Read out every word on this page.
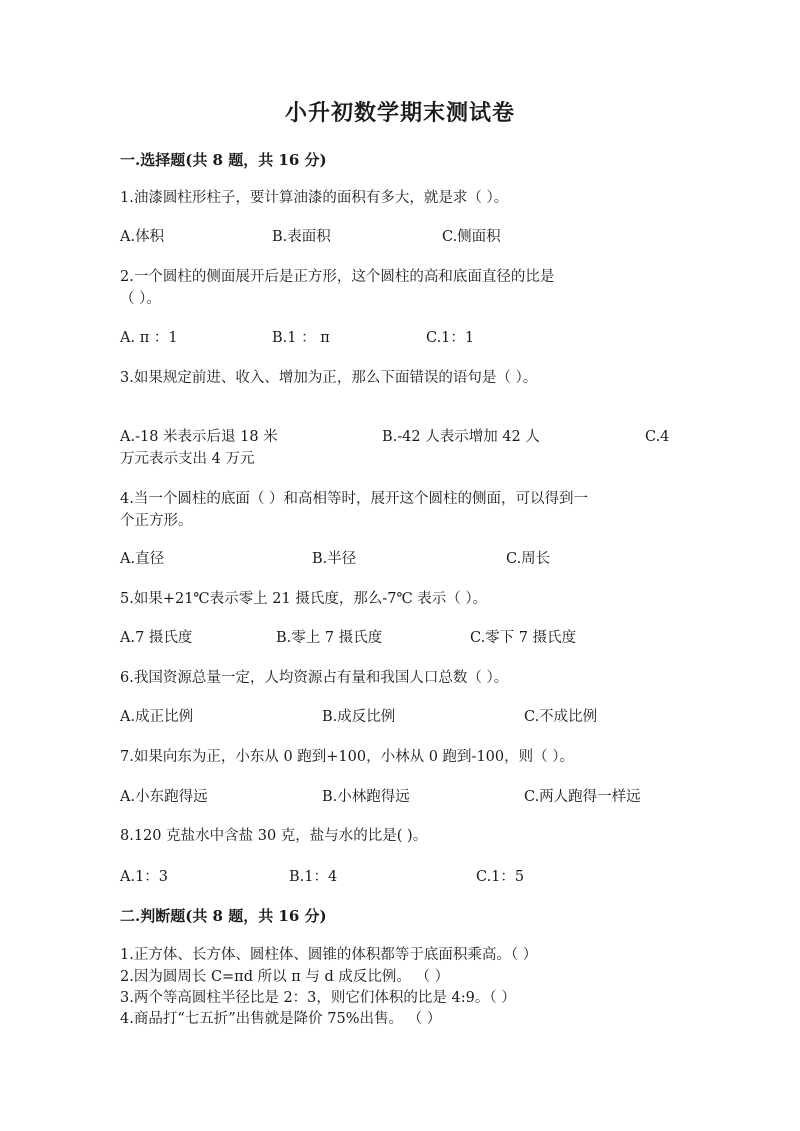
小升初数学期末测试卷
一.选择题(共 8 题，共 16 分)
1.油漆圆柱形柱子，要计算油漆的面积有多大，就是求（ ）。
A.体积	B.表面积	C.侧面积
2.一个圆柱的侧面展开后是正方形，这个圆柱的高和底面直径的比是
（ ）。
A. π ：1	B.1 ： π	C.1：1
3.如果规定前进、收入、增加为正，那么下面错误的语句是（ ）。
A.-18 米表示后退 18 米	B.-42 人表示增加 42 人	C.4
万元表示支出 4 万元
4.当一个圆柱的底面（ ）和高相等时，展开这个圆柱的侧面，可以得到一
个正方形。
A.直径	B.半径	C.周长
5.如果+21℃表示零上 21 摄氏度，那么-7℃ 表示（ ）。
A.7 摄氏度	B.零上 7 摄氏度	C.零下 7 摄氏度
6.我国资源总量一定，人均资源占有量和我国人口总数（ ）。
A.成正比例	B.成反比例	C.不成比例
7.如果向东为正，小东从 0 跑到+100，小林从 0 跑到-100，则（ ）。
A.小东跑得远	B.小林跑得远	C.两人跑得一样远
8.120 克盐水中含盐 30 克，盐与水的比是( )。
A.1：3	B.1：4	C.1：5
二.判断题(共 8 题，共 16 分)
1.正方体、长方体、圆柱体、圆锥的体积都等于底面积乘高。（ ）
2.因为圆周长 C=πd 所以 π 与 d 成反比例。 （ ）
3.两个等高圆柱半径比是 2：3，则它们体积的比是 4:9。（ ）
4.商品打“七五折”出售就是降价 75%出售。 （ ）
